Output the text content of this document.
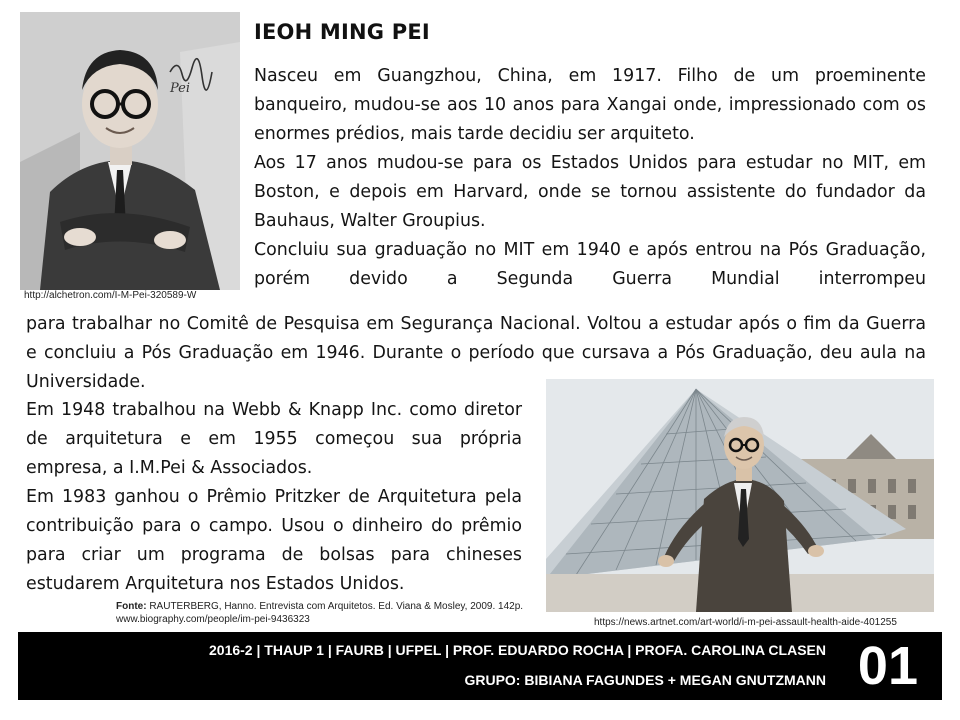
Pei
http://alchetron.com/I-M-Pei-320589-W
IEOH MING PEI

Nasceu em Guangzhou, China, em 1917. Filho de um proeminente banqueiro, mudou-se aos 10 anos para Xangai onde, impressionado com os enormes prédios, mais tarde decidiu ser arquiteto.

Aos 17 anos mudou-se para os Estados Unidos para estudar no MIT, em Boston, e depois em Harvard, onde se tornou assistente do fundador da Bauhaus, Walter Groupius.

Concluiu sua graduação no MIT em 1940 e após entrou na Pós Graduação, porém devido a Segunda Guerra Mundial interrompeu

para trabalhar no Comitê de Pesquisa em Segurança Nacional. Voltou a estudar após o fim da Guerra e concluiu a Pós Graduação em 1946. Durante o período que cursava a Pós Graduação, deu aula na Universidade.

Em 1948 trabalhou na Webb & Knapp Inc. como diretor de arquitetura e em 1955 começou sua própria empresa, a I.M.Pei & Associados.

Em 1983 ganhou o Prêmio Pritzker de Arquitetura pela contribuição para o campo. Usou o dinheiro do prêmio para criar um programa de bolsas para chineses estudarem Arquitetura nos Estados Unidos.

https://news.artnet.com/art-world/i-m-pei-assault-health-aide-401255
Fonte: RAUTERBERG, Hanno. Entrevista com Arquitetos. Ed. Viana & Mosley, 2009. 142p.
www.biography.com/people/im-pei-9436323
2016-2 | THAUP 1 | FAURB | UFPEL | PROF. EDUARDO ROCHA | PROFA. CAROLINA CLASEN
GRUPO: BIBIANA FAGUNDES + MEGAN GNUTZMANN 01
